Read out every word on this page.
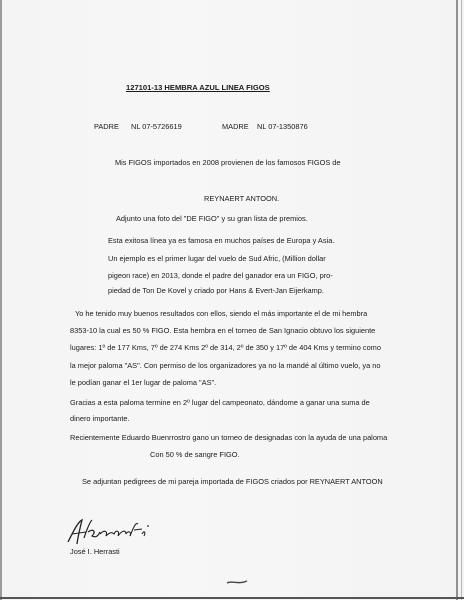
127101-13 HEMBRA AZUL LINEA FIGOS
PADRE NL 07-5726619	MADRE NL 07-1350876
Mis FIGOS importados en 2008 provienen de los famosos FIGOS de
REYNAERT ANTOON.
Adjunto una foto del "DE FIGO" y su gran lista de premios.
Esta exitosa línea ya es famosa en muchos países de Europa y Asia.
Un ejemplo es el primer lugar del vuelo de Sud Afric, (Million dollar
pigeon race) en 2013, donde el padre del ganador era un FIGO, pro-
piedad de Ton De Kovel y criado por Hans & Evert-Jan Eijerkamp.
Yo he tenido muy buenos resultados con ellos, siendo el más importante el de mi hembra
8353-10 la cual es 50 % FIGO. Esta hembra en el torneo de San Ignacio obtuvo los siguiente
lugares: 1º de 177 Kms, 7º de 274 Kms 2º de 314, 2º de 350 y 17º de 404 Kms y termino como
la mejor paloma "AS". Con permiso de los organizadores ya no la mandé al último vuelo, ya no
le podían ganar el 1er lugar de paloma "AS".
Gracias a esta paloma termine en 2º lugar del campeonato, dándome a ganar una suma de
dinero importante.
Recientemente Eduardo Buenrrostro gano un torneo de designadas con la ayuda de una paloma
Con 50 % de sangre FIGO.
Se adjuntan pedigrees de mi pareja importada de FIGOS criados por REYNAERT ANTOON
José I. Herrasti
